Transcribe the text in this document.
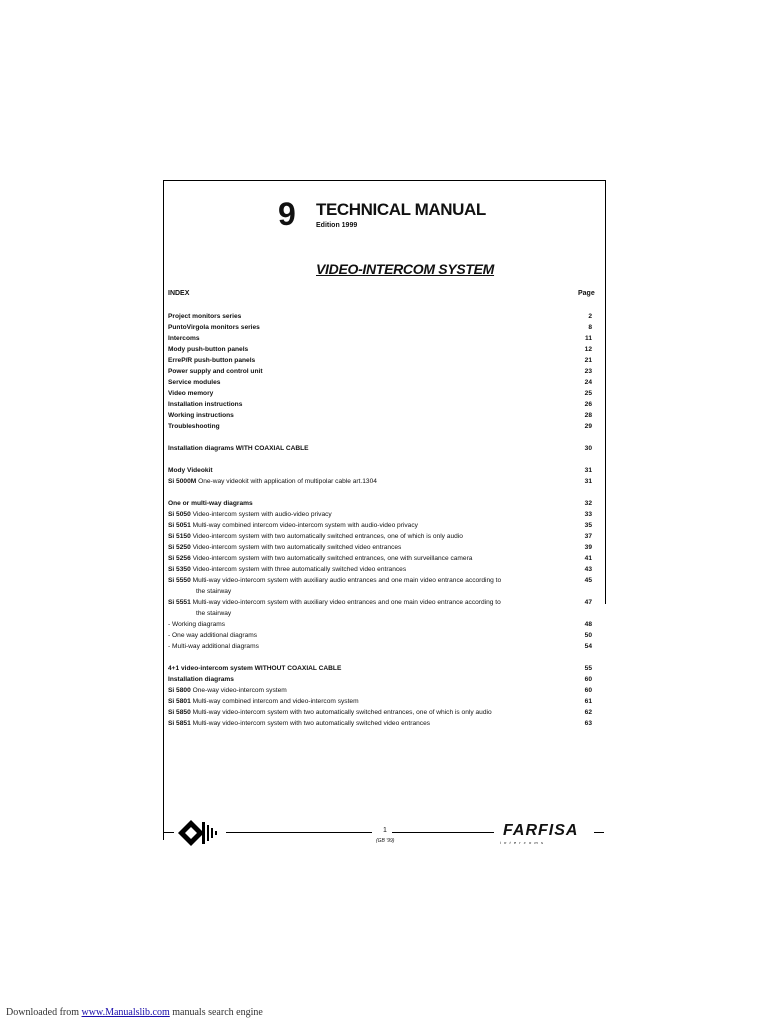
9 TECHNICAL MANUAL
Edition 1999
VIDEO-INTERCOM SYSTEM
INDEX	Page
Project monitors series	2
PuntoVirgola monitors series	8
Intercoms	11
Mody push-button panels	12
ErreP/R push-button panels	21
Power supply and control unit	23
Service modules	24
Video memory	25
Installation instructions	26
Working instructions	28
Troubleshooting	29
Installation diagrams WITH COAXIAL CABLE	30
Mody Videokit	31
Si 5000M One-way videokit with application of multipolar cable art.1304	31
One or multi-way diagrams	32
Si 5050 Video-intercom system with audio-video privacy	33
Si 5051 Multi-way combined intercom video-intercom system with audio-video privacy	35
Si 5150 Video-intercom system with two automatically switched entrances, one of which is only audio	37
Si 5250 Video-intercom system with two automatically switched video entrances	39
Si 5256 Video-intercom system with two automatically switched entrances, one with surveillance camera	41
Si 5350 Video-intercom system with three automatically switched video entrances	43
Si 5550 Multi-way video-intercom system with auxiliary audio entrances and one main video entrance according to	45
the stairway
Si 5551 Multi-way video-intercom system with auxiliary video entrances and one main video entrance according to	47
the stairway
- Working diagrams	48
- One way additional diagrams	50
- Multi-way additional diagrams	54
4+1 video-intercom system WITHOUT COAXIAL CABLE	55
Installation diagrams	60
Si 5800 One-way video-intercom system	60
Si 5801 Multi-way combined intercom and video-intercom system	61
Si 5850 Multi-way video-intercom system with two automatically switched entrances, one of which is only audio	62
Si 5851 Multi-way video-intercom system with two automatically switched video entrances	63
1
(GB '99)
FARFISA
intercoms
Downloaded from www.Manualslib.com manuals search engine
